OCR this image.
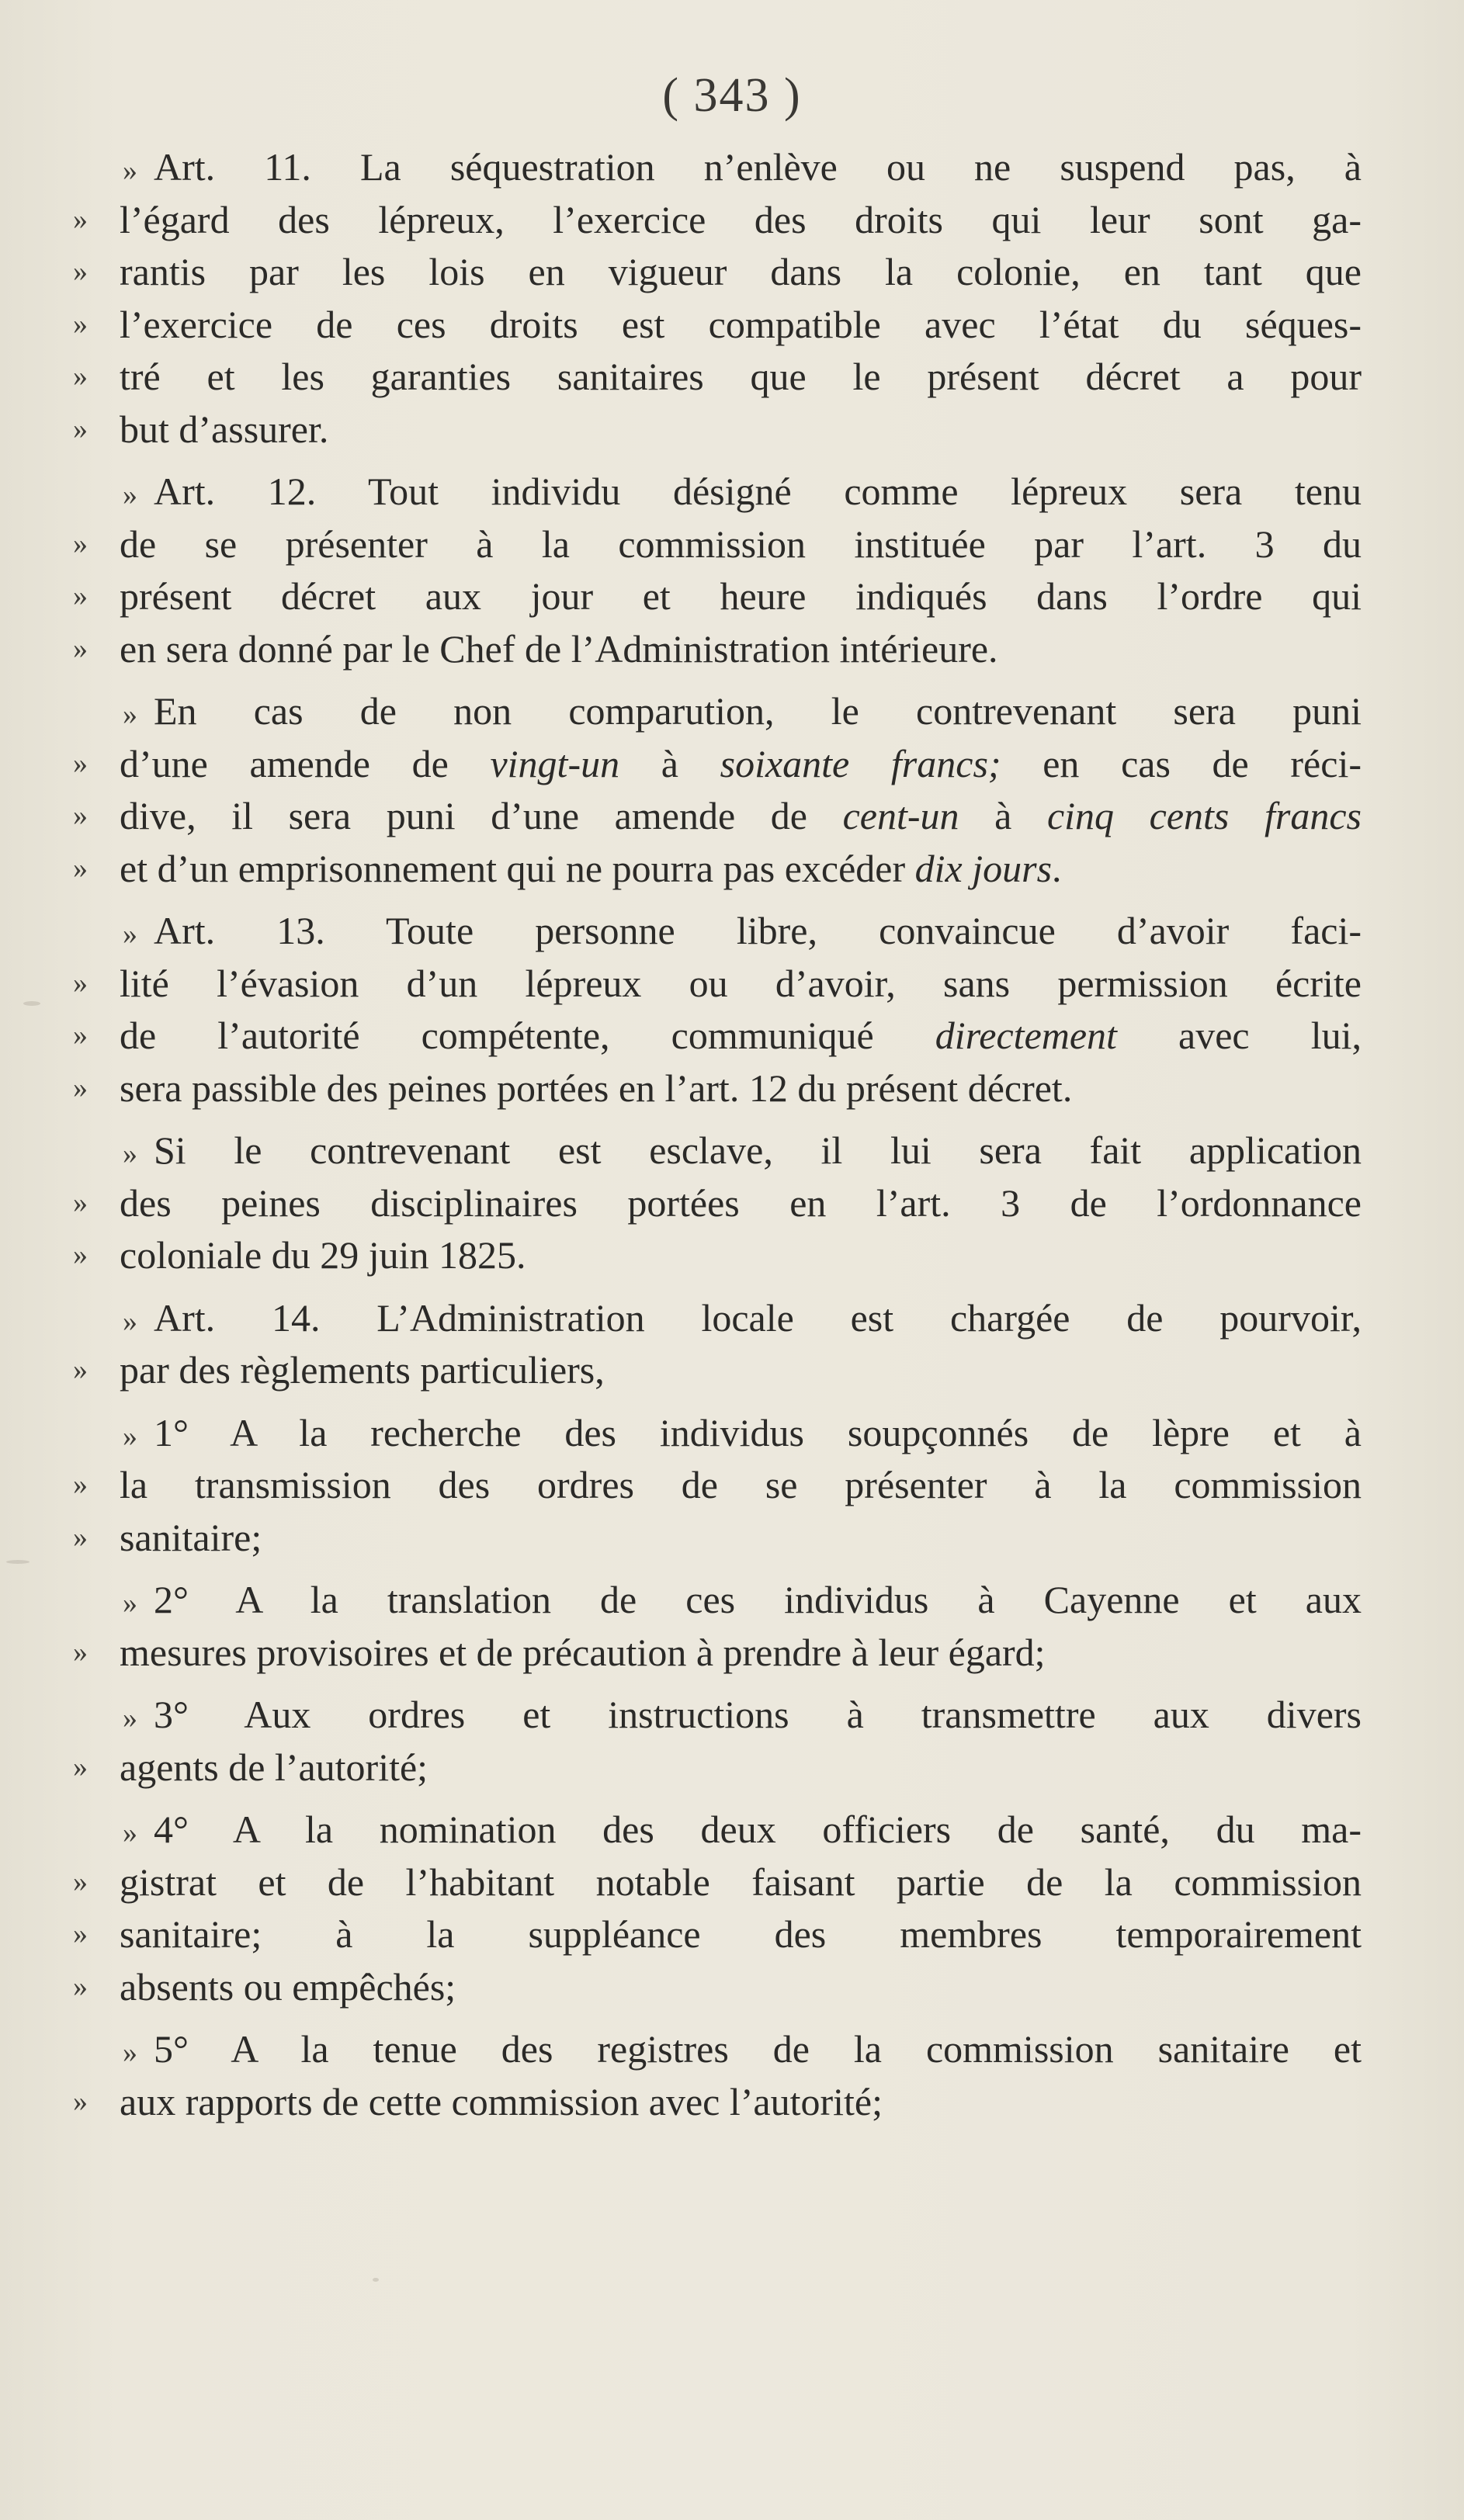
( 343 )
» Art. 11. La séquestration n’enlève ou ne suspend pas, à
» l’égard des lépreux, l’exercice des droits qui leur sont ga-
» rantis par les lois en vigueur dans la colonie, en tant que
» l’exercice de ces droits est compatible avec l’état du séques-
» tré et les garanties sanitaires que le présent décret a pour
» but d’assurer.
» Art. 12. Tout individu désigné comme lépreux sera tenu
» de se présenter à la commission instituée par l’art. 3 du
» présent décret aux jour et heure indiqués dans l’ordre qui
» en sera donné par le Chef de l’Administration intérieure.
» En cas de non comparution, le contrevenant sera puni
» d’une amende de vingt-un à soixante francs; en cas de réci-
» dive, il sera puni d’une amende de cent-un à cinq cents francs
» et d’un emprisonnement qui ne pourra pas excéder dix jours.
» Art. 13. Toute personne libre, convaincue d’avoir faci-
» lité l’évasion d’un lépreux ou d’avoir, sans permission écrite
» de l’autorité compétente, communiqué directement avec lui,
» sera passible des peines portées en l’art. 12 du présent décret.
» Si le contrevenant est esclave, il lui sera fait application
» des peines disciplinaires portées en l’art. 3 de l’ordonnance
» coloniale du 29 juin 1825.
» Art. 14. L’Administration locale est chargée de pourvoir,
» par des règlements particuliers,
» 1° A la recherche des individus soupçonnés de lèpre et à
» la transmission des ordres de se présenter à la commission
» sanitaire;
» 2° A la translation de ces individus à Cayenne et aux
» mesures provisoires et de précaution à prendre à leur égard;
» 3° Aux ordres et instructions à transmettre aux divers
» agents de l’autorité;
» 4° A la nomination des deux officiers de santé, du ma-
» gistrat et de l’habitant notable faisant partie de la commission
» sanitaire; à la suppléance des membres temporairement
» absents ou empêchés;
» 5° A la tenue des registres de la commission sanitaire et
» aux rapports de cette commission avec l’autorité;
